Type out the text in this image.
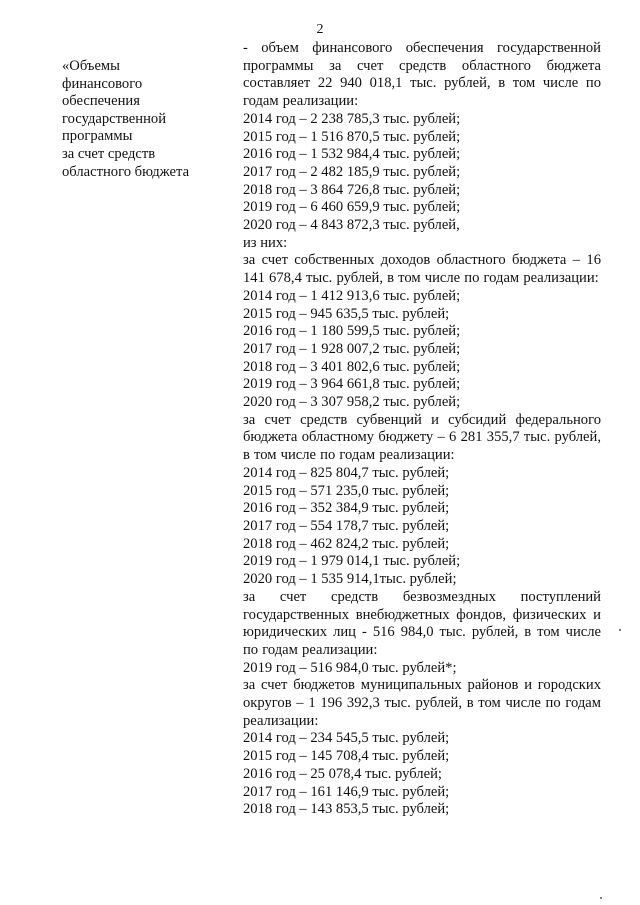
2
«Объемы
финансового
обеспечения
государственной
программы
за счет средств
областного бюджета
- объем финансового обеспечения государственной программы за счет средств областного бюджета составляет 22 940 018,1 тыс. рублей, в том числе по годам реализации:
2014 год – 2 238 785,3 тыс. рублей;
2015 год – 1 516 870,5 тыс. рублей;
2016 год – 1 532 984,4 тыс. рублей;
2017 год – 2 482 185,9 тыс. рублей;
2018 год – 3 864 726,8 тыс. рублей;
2019 год – 6 460 659,9 тыс. рублей;
2020 год – 4 843 872,3 тыс. рублей,
из них:
за счет собственных доходов областного бюджета – 16 141 678,4 тыс. рублей, в том числе по годам реализации:
2014 год – 1 412 913,6 тыс. рублей;
2015 год – 945 635,5 тыс. рублей;
2016 год – 1 180 599,5 тыс. рублей;
2017 год – 1 928 007,2 тыс. рублей;
2018 год – 3 401 802,6 тыс. рублей;
2019 год – 3 964 661,8 тыс. рублей;
2020 год – 3 307 958,2 тыс. рублей;
за счет средств субвенций и субсидий федерального бюджета областному бюджету – 6 281 355,7 тыс. рублей, в том числе по годам реализации:
2014 год – 825 804,7 тыс. рублей;
2015 год – 571 235,0 тыс. рублей;
2016 год – 352 384,9 тыс. рублей;
2017 год – 554 178,7 тыс. рублей;
2018 год – 462 824,2 тыс. рублей;
2019 год – 1 979 014,1 тыс. рублей;
2020 год – 1 535 914,1тыс. рублей;
за счет средств безвозмездных поступлений государственных внебюджетных фондов, физических и юридических лиц - 516 984,0 тыс. рублей, в том числе по годам реализации:
2019 год – 516 984,0 тыс. рублей*;
за счет бюджетов муниципальных районов и городских округов – 1 196 392,3 тыс. рублей, в том числе по годам реализации:
2014 год – 234 545,5 тыс. рублей;
2015 год – 145 708,4 тыс. рублей;
2016 год – 25 078,4 тыс. рублей;
2017 год – 161 146,9 тыс. рублей;
2018 год – 143 853,5 тыс. рублей;
